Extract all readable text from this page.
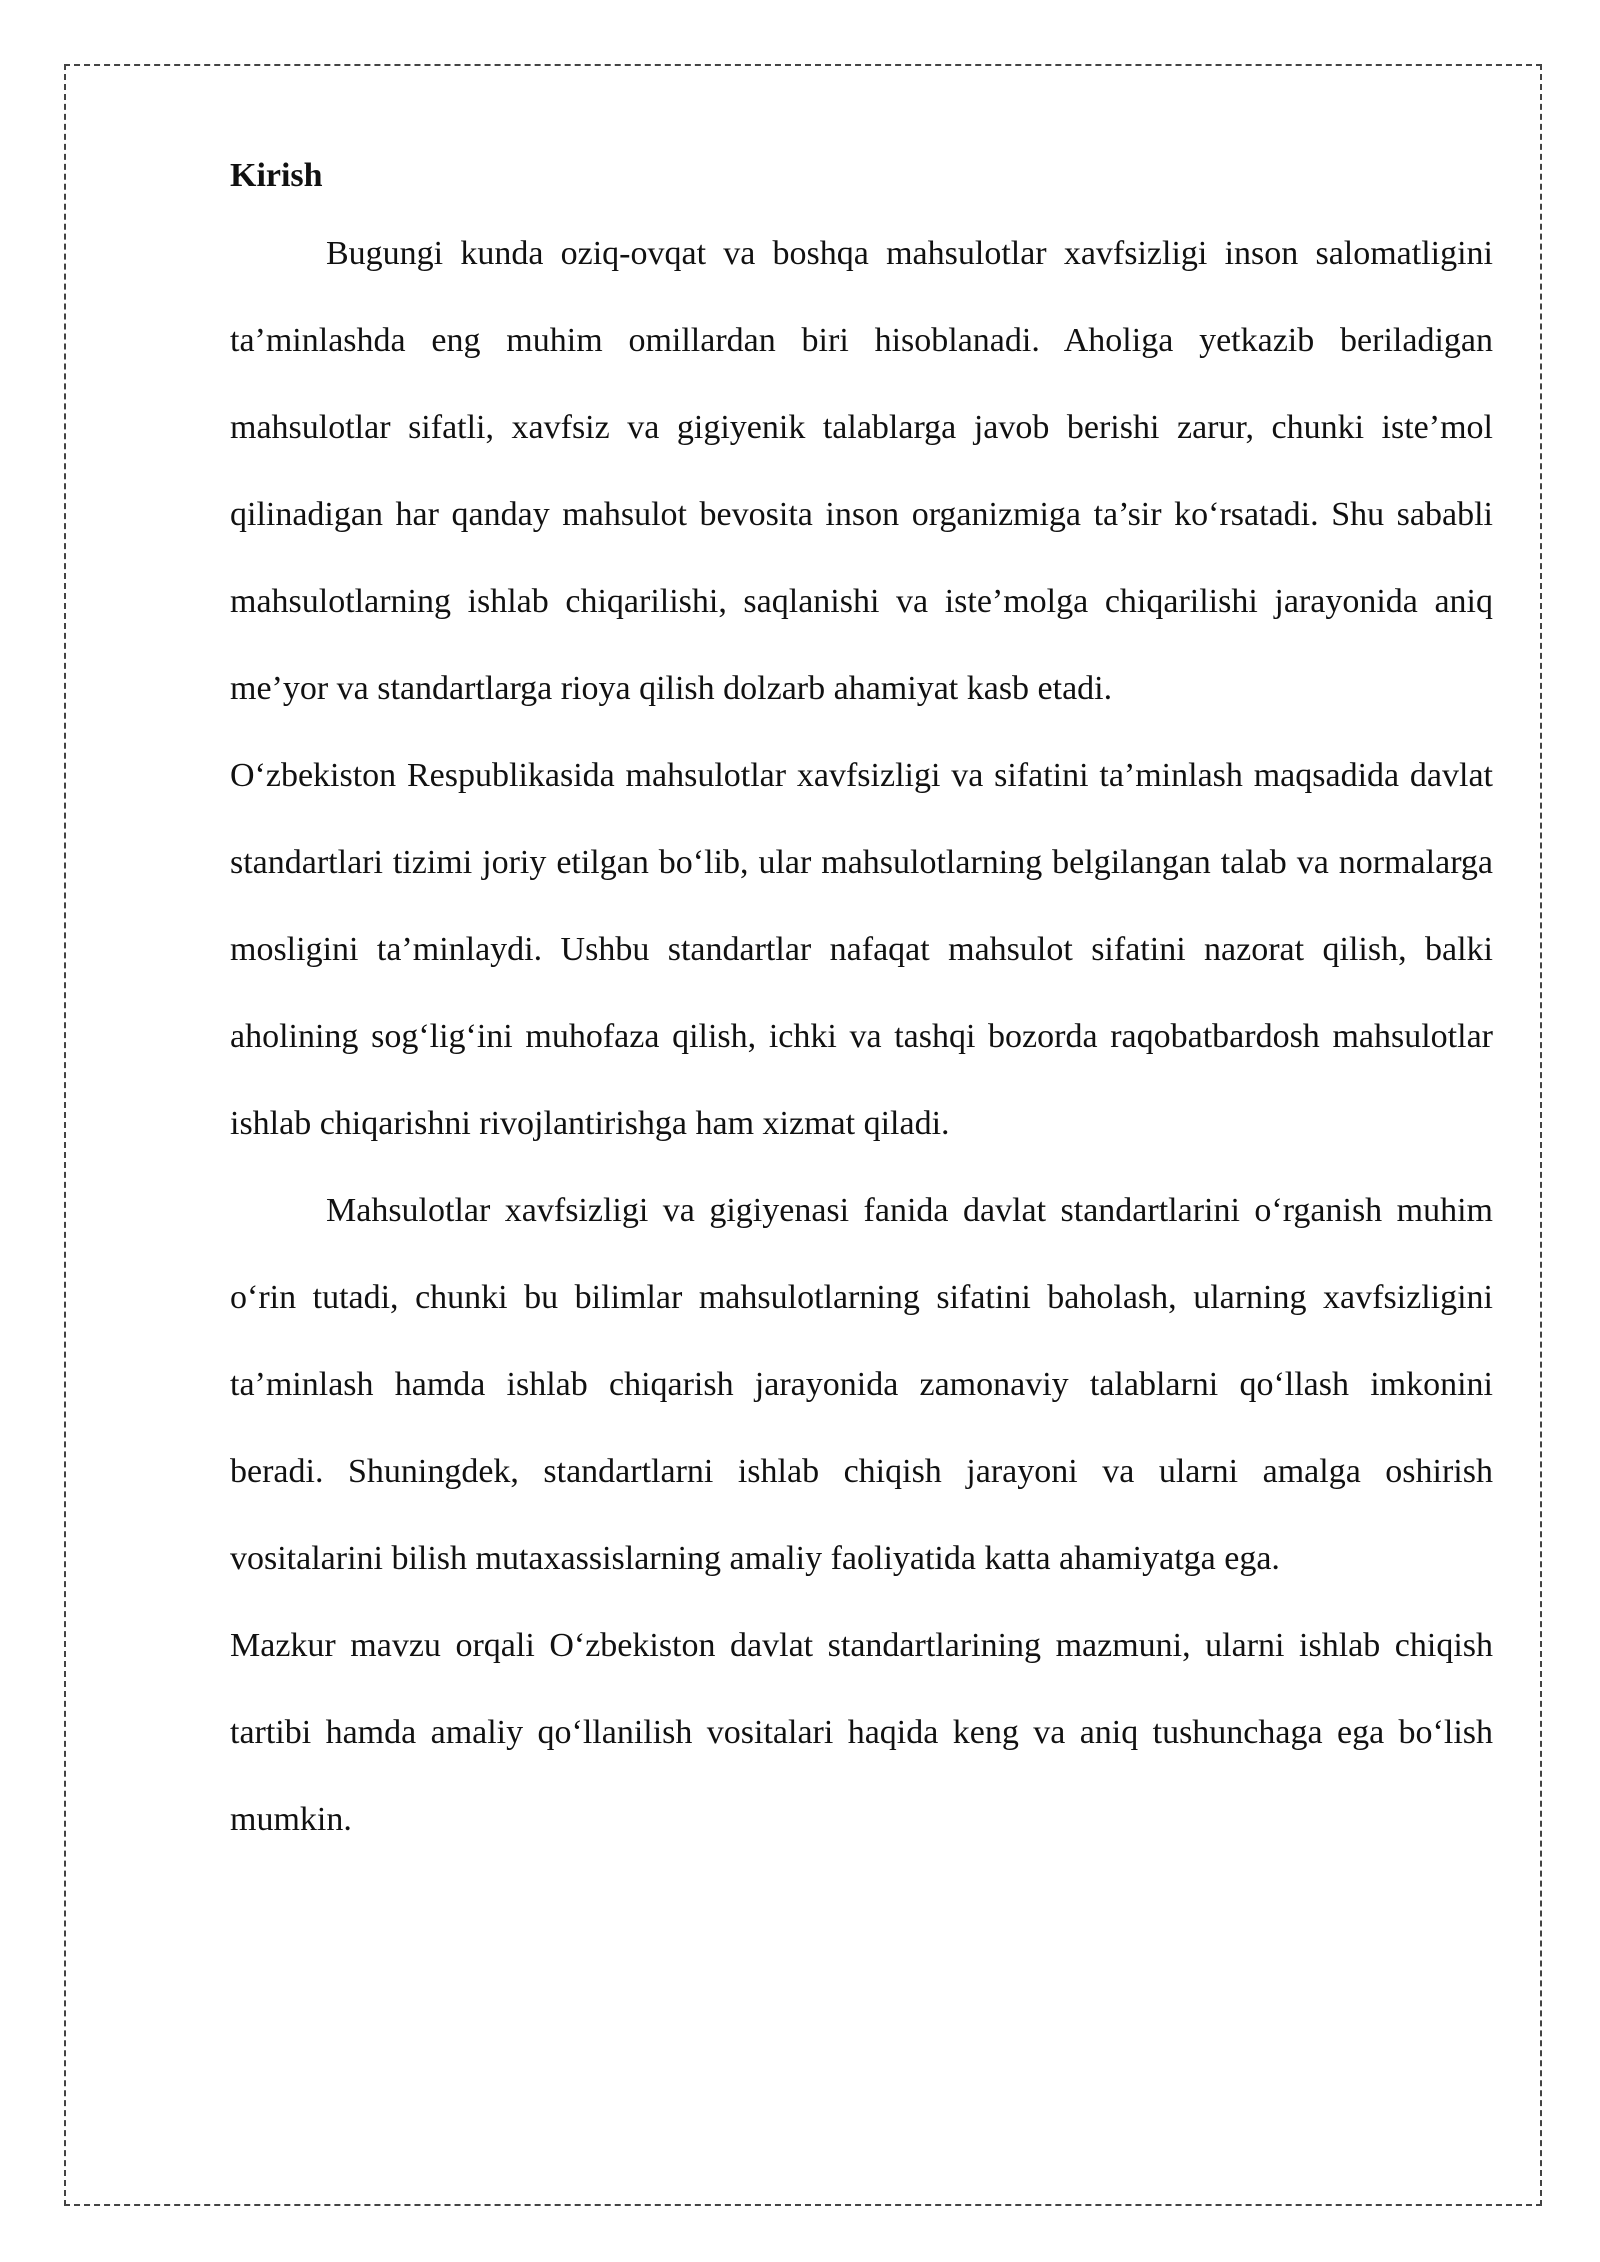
Kirish

Bugungi kunda oziq-ovqat va boshqa mahsulotlar xavfsizligi inson salomatligini ta’minlashda eng muhim omillardan biri hisoblanadi. Aholiga yetkazib beriladigan mahsulotlar sifatli, xavfsiz va gigiyenik talablarga javob berishi zarur, chunki iste’mol qilinadigan har qanday mahsulot bevosita inson organizmiga ta’sir ko‘rsatadi. Shu sababli mahsulotlarning ishlab chiqarilishi, saqlanishi va iste’molga chiqarilishi jarayonida aniq me’yor va standartlarga rioya qilish dolzarb ahamiyat kasb etadi.

O‘zbekiston Respublikasida mahsulotlar xavfsizligi va sifatini ta’minlash maqsadida davlat standartlari tizimi joriy etilgan bo‘lib, ular mahsulotlarning belgilangan talab va normalarga mosligini ta’minlaydi. Ushbu standartlar nafaqat mahsulot sifatini nazorat qilish, balki aholining sog‘lig‘ini muhofaza qilish, ichki va tashqi bozorda raqobatbardosh mahsulotlar ishlab chiqarishni rivojlantirishga ham xizmat qiladi.

Mahsulotlar xavfsizligi va gigiyenasi fanida davlat standartlarini o‘rganish muhim o‘rin tutadi, chunki bu bilimlar mahsulotlarning sifatini baholash, ularning xavfsizligini ta’minlash hamda ishlab chiqarish jarayonida zamonaviy talablarni qo‘llash imkonini beradi. Shuningdek, standartlarni ishlab chiqish jarayoni va ularni amalga oshirish vositalarini bilish mutaxassislarning amaliy faoliyatida katta ahamiyatga ega.

Mazkur mavzu orqali O‘zbekiston davlat standartlarining mazmuni, ularni ishlab chiqish tartibi hamda amaliy qo‘llanilish vositalari haqida keng va aniq tushunchaga ega bo‘lish mumkin.
